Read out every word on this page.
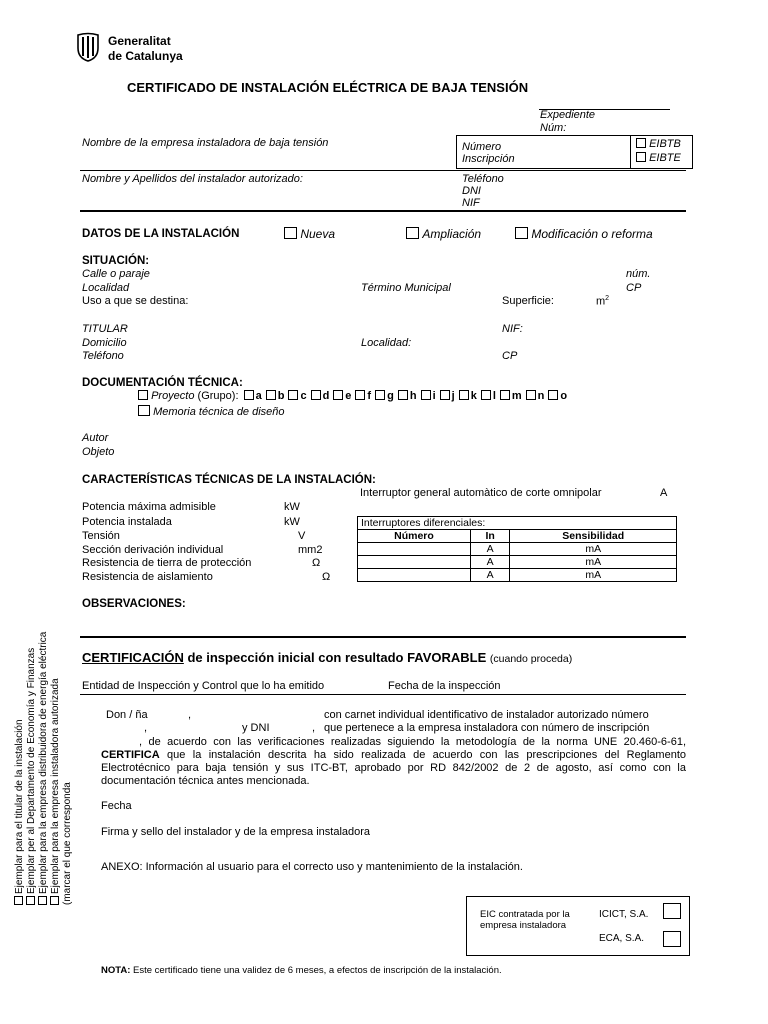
Generalitat
de Catalunya
CERTIFICADO DE INSTALACIÓN ELÉCTRICA DE BAJA TENSIÓN
Expediente
Núm:
Nombre de la empresa instaladora de baja tensión	Número
Inscripción
EIBTB
EIBTE
Nombre y Apellidos del instalador autorizado:	Teléfono
DNI
NIF
DATOS DE LA INSTALACIÓN	Nueva	Ampliación	Modificación o reforma
SITUACIÓN:
Calle o paraje	núm.
Localidad	Término Municipal	CP
Uso a que se destina:	Superficie:	$m^2$
TITULAR	NIF:
Domicilio	Localidad:
Teléfono	CP
DOCUMENTACIÓN TÉCNICA:
Proyecto (Grupo): a b c d e f g h i j k l m n o
Memoria técnica de diseño
Autor
Objeto
CARACTERÍSTICAS TÉCNICAS DE LA INSTALACIÓN:
Interruptor general automàtico de corte omnipolar	A
Potencia máxima admisible	kW
Potencia instalada	kW
Tensión	V
Sección derivación individual	mm2
Resistencia de tierra de protección	Ω
Resistencia de aislamiento	Ω
Interruptores diferenciales:		
Número	In	Sensibilidad
	A	mA
	A	mA
	A	mA
OBSERVACIONES:
CERTIFICACIÓN de inspección inicial con resultado FAVORABLE (cuando proceda)
Entidad de Inspección y Control que lo ha emitido	Fecha de la inspección
Don / ña	,	con carnet individual identificativo de instalador autorizado número
,	y DNI	, que pertenece a la empresa instaladora con número de inscripción
, de acuerdo con las verificaciones realizadas siguiendo la metodología de la norma UNE 20.460-6-61, CERTIFICA que la instalación descrita ha sido realizada de acuerdo con las prescripciones del Reglamento Electrotécnico para baja tensión y sus ITC-BT, aprobado por RD 842/2002 de 2 de agosto, así como con la documentación técnica antes mencionada.
Fecha
Firma y sello del instalador y de la empresa instaladora
ANEXO: Información al usuario para el correcto uso y mantenimiento de la instalación.
EIC contratada por la empresa instaladora
ICICT, S.A.
ECA, S.A.
NOTA: Este certificado tiene una validez de 6 meses, a efectos de inscripción de la instalación.
Ejemplar para el titular de la instalación Ejemplar per al Departamento de Economía y Finanzas Ejemplar para la empresa distribuidora de energía eléctrica Ejemplar para la empresa instaladora autorizada (marcar el que corresponda
